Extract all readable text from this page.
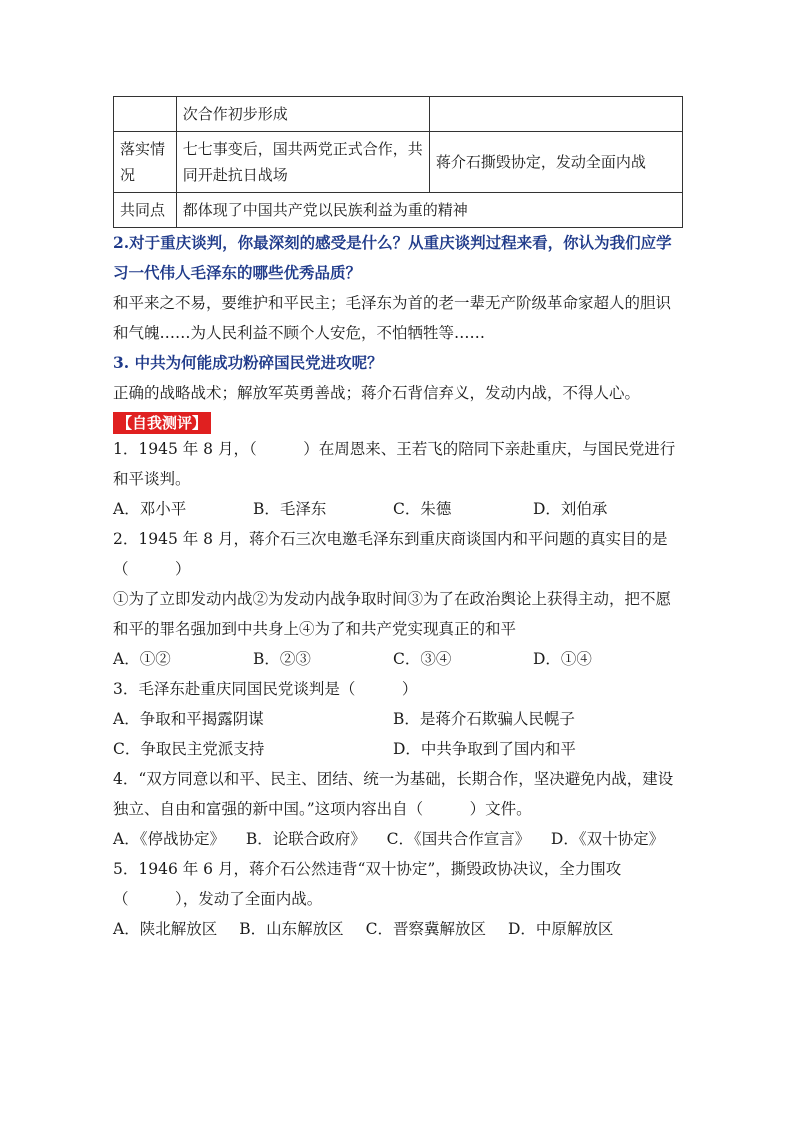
	次合作初步形成	
落实情况	七七事变后，国共两党正式合作，共同开赴抗日战场	蒋介石撕毁协定，发动全面内战
共同点	都体现了中国共产党以民族利益为重的精神	

2.对于重庆谈判，你最深刻的感受是什么？从重庆谈判过程来看，你认为我们应学习一代伟人毛泽东的哪些优秀品质？

和平来之不易，要维护和平民主；毛泽东为首的老一辈无产阶级革命家超人的胆识和气魄……为人民利益不顾个人安危，不怕牺牲等……

3. 中共为何能成功粉碎国民党进攻呢？

正确的战略战术；解放军英勇善战；蒋介石背信弃义，发动内战，不得人心。

【自我测评】

1．1945 年 8 月，（　　　）在周恩来、王若飞的陪同下亲赴重庆，与国民党进行和平谈判。

A．邓小平	B．毛泽东	C．朱德	D．刘伯承

2．1945 年 8 月，蒋介石三次电邀毛泽东到重庆商谈国内和平问题的真实目的是（　　　）

①为了立即发动内战②为发动内战争取时间③为了在政治舆论上获得主动，把不愿和平的罪名强加到中共身上④为了和共产党实现真正的和平

A．①②	B．②③	C．③④	D．①④

3．毛泽东赴重庆同国民党谈判是（　　　）

A．争取和平揭露阴谋	B．是蒋介石欺骗人民幌子
C．争取民主党派支持	D．中共争取到了国内和平

4．“双方同意以和平、民主、团结、统一为基础，长期合作，坚决避免内战，建设独立、自由和富强的新中国。”这项内容出自（　　　）文件。

A．《停战协定》 B．论联合政府》 C．《国共合作宣言》 D．《双十协定》

5．1946 年 6 月，蒋介石公然违背“双十协定”，撕毁政协决议，全力围攻（　　　），发动了全面内战。

A．陕北解放区 B．山东解放区 C．晋察冀解放区 D．中原解放区
